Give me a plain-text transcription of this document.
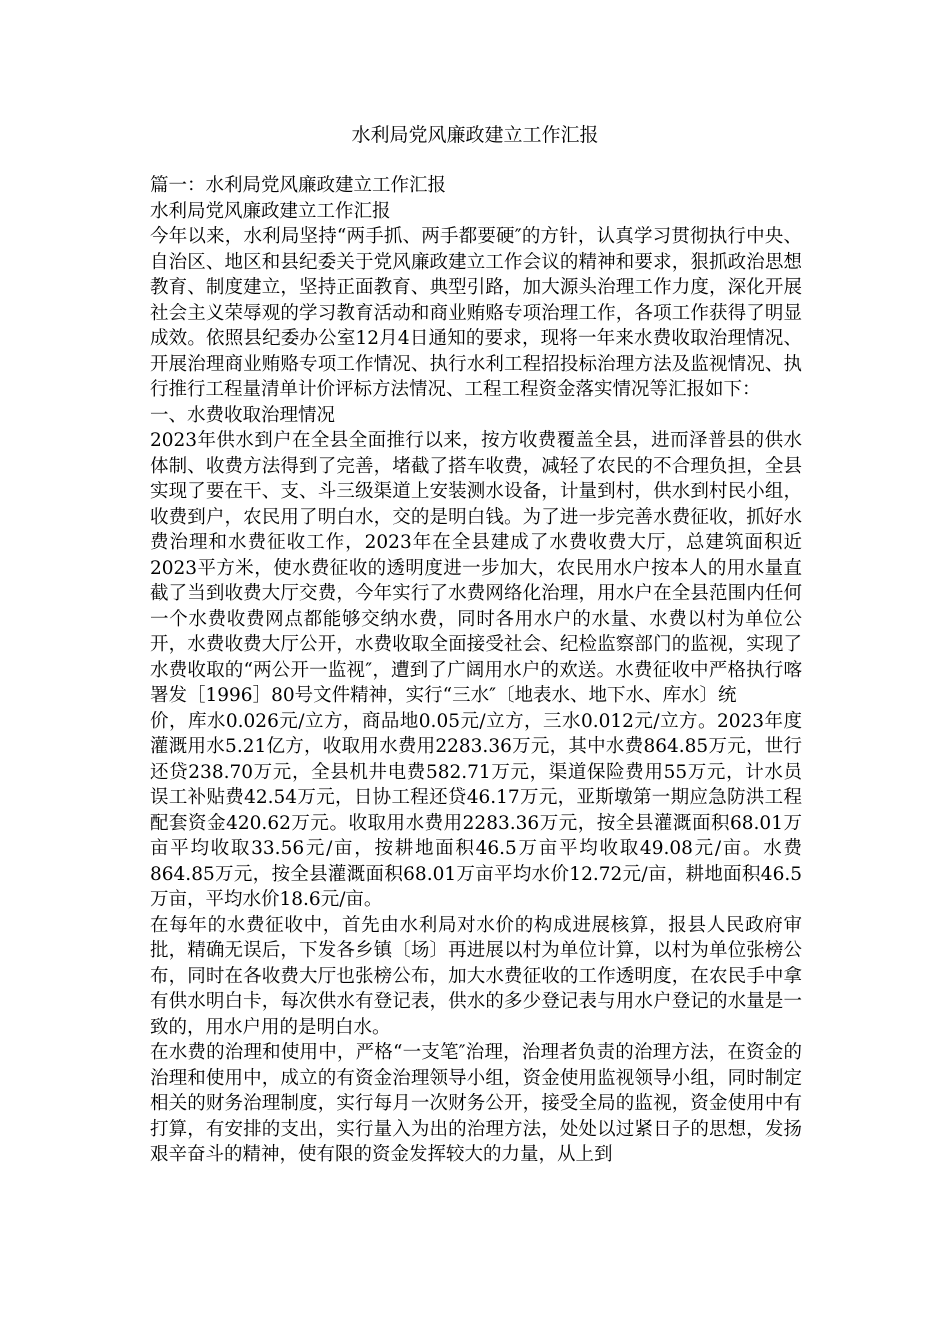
水利局党风廉政建立工作汇报

篇一：水利局党风廉政建立工作汇报

水利局党风廉政建立工作汇报

今年以来，水利局坚持“两手抓、两手都要硬″的方针，认真学习贯彻执行中央、自治区、地区和县纪委关于党风廉政建立工作会议的精神和要求，狠抓政治思想教育、制度建立，坚持正面教育、典型引路，加大源头治理工作力度，深化开展社会主义荣辱观的学习教育活动和商业贿赂专项治理工作，各项工作获得了明显成效。依照县纪委办公室12月4日通知的要求，现将一年来水费收取治理情况、开展治理商业贿赂专项工作情况、执行水利工程招投标治理方法及监视情况、执行推行工程量清单计价评标方法情况、工程工程资金落实情况等汇报如下：

一、水费收取治理情况

2023年供水到户在全县全面推行以来，按方收费覆盖全县，进而泽普县的供水体制、收费方法得到了完善，堵截了搭车收费，减轻了农民的不合理负担，全县实现了要在干、支、斗三级渠道上安装测水设备，计量到村，供水到村民小组，收费到户，农民用了明白水，交的是明白钱。为了进一步完善水费征收，抓好水费治理和水费征收工作，2023年在全县建成了水费收费大厅，总建筑面积近2023平方米，使水费征收的透明度进一步加大，农民用水户按本人的用水量直截了当到收费大厅交费，今年实行了水费网络化治理，用水户在全县范围内任何一个水费收费网点都能够交纳水费，同时各用水户的水量、水费以村为单位公开，水费收费大厅公开，水费收取全面接受社会、纪检监察部门的监视，实现了水费收取的“两公开一监视″，遭到了广阔用水户的欢送。水费征收中严格执行喀署发［1996］80号文件精神，实行“三水″〔地表水、地下水、库水〕统

价，库水0.026元/立方，商品地0.05元/立方，三水0.012元/立方。2023年度灌溉用水5.21亿方，收取用水费用2283.36万元，其中水费864.85万元，世行还贷238.70万元，全县机井电费582.71万元，渠道保险费用55万元，计水员误工补贴费42.54万元，日协工程还贷46.17万元，亚斯墩第一期应急防洪工程配套资金420.62万元。收取用水费用2283.36万元，按全县灌溉面积68.01万亩平均收取33.56元/亩，按耕地面积46.5万亩平均收取49.08元/亩。水费864.85万元，按全县灌溉面积68.01万亩平均水价12.72元/亩，耕地面积46.5万亩，平均水价18.6元/亩。

在每年的水费征收中，首先由水利局对水价的构成进展核算，报县人民政府审批，精确无误后，下发各乡镇〔场〕再进展以村为单位计算，以村为单位张榜公布，同时在各收费大厅也张榜公布，加大水费征收的工作透明度，在农民手中拿有供水明白卡，每次供水有登记表，供水的多少登记表与用水户登记的水量是一致的，用水户用的是明白水。

在水费的治理和使用中，严格“一支笔″治理，治理者负责的治理方法，在资金的治理和使用中，成立的有资金治理领导小组，资金使用监视领导小组，同时制定相关的财务治理制度，实行每月一次财务公开，接受全局的监视，资金使用中有打算，有安排的支出，实行量入为出的治理方法，处处以过紧日子的思想，发扬艰辛奋斗的精神，使有限的资金发挥较大的力量，从上到
